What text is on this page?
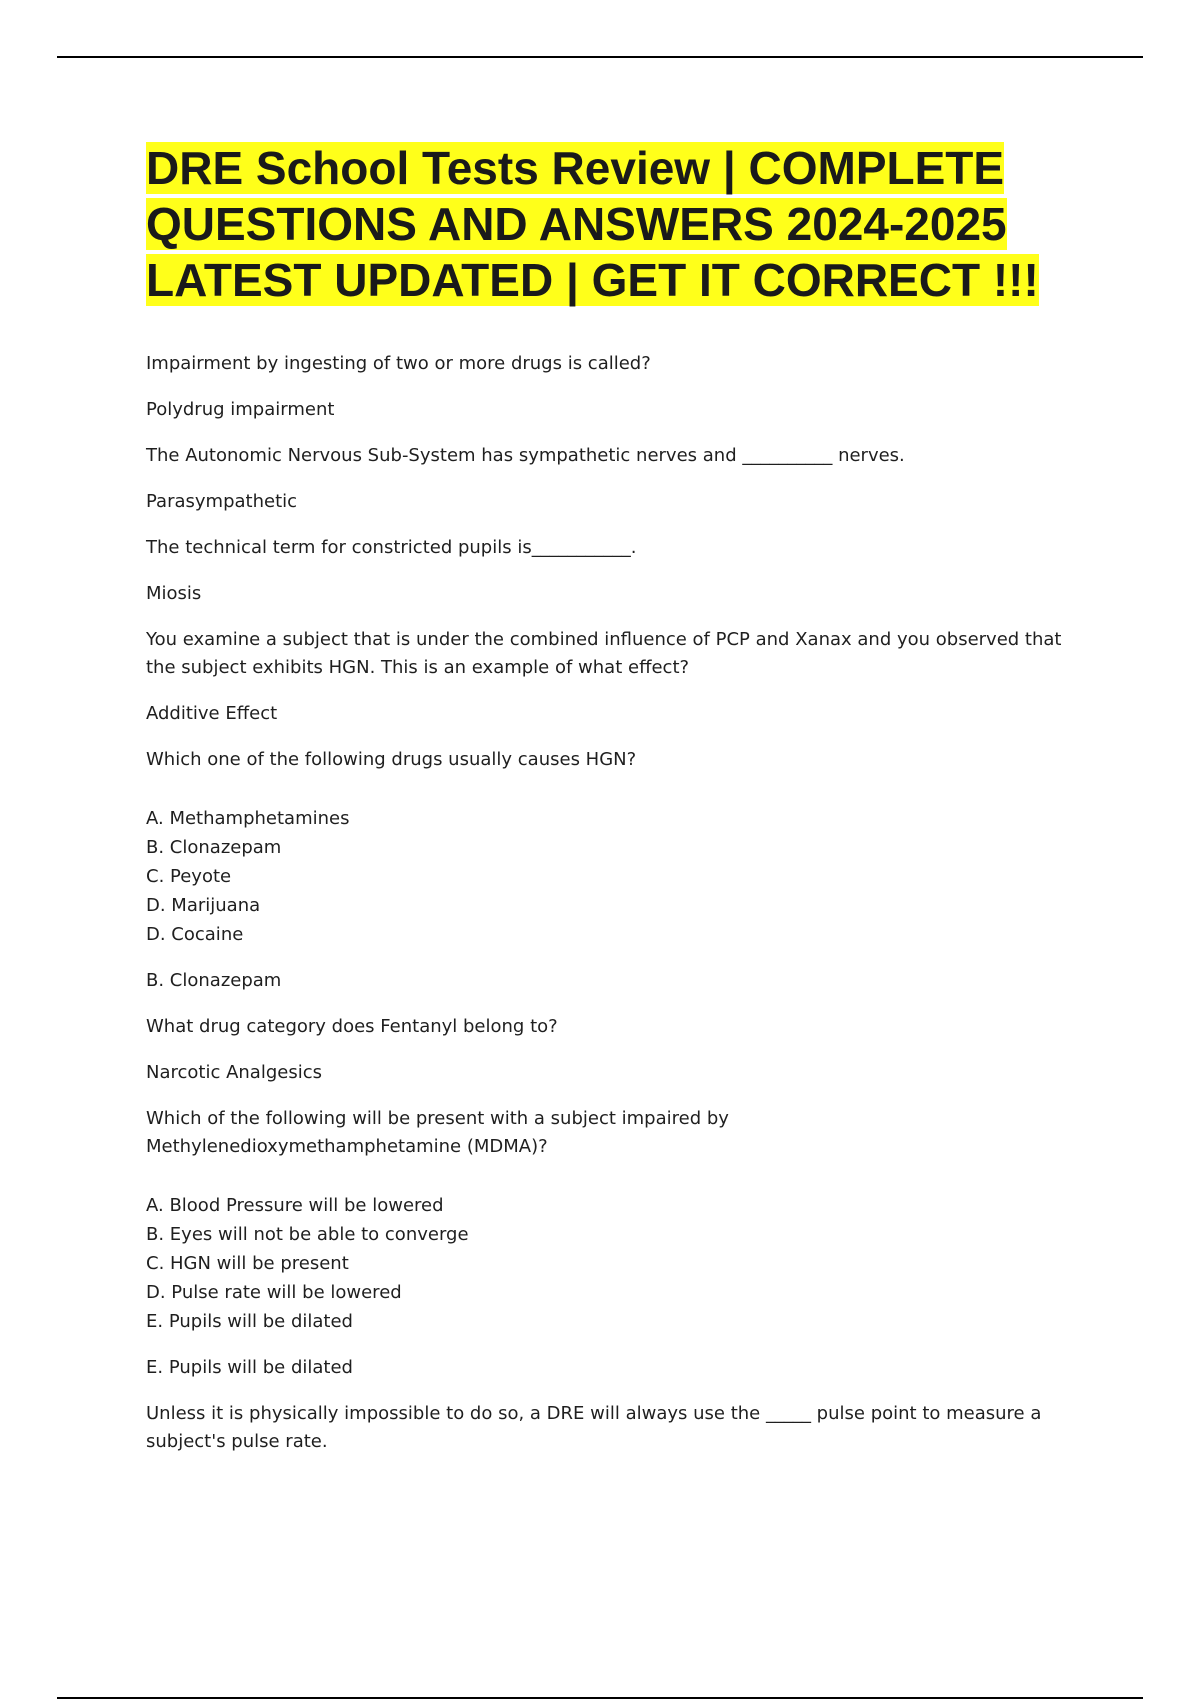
DRE School Tests Review | COMPLETE QUESTIONS AND ANSWERS 2024-2025 LATEST UPDATED | GET IT CORRECT !!!

Impairment by ingesting of two or more drugs is called?

Polydrug impairment

The Autonomic Nervous Sub-System has sympathetic nerves and __________ nerves.

Parasympathetic

The technical term for constricted pupils is___________.

Miosis

You examine a subject that is under the combined influence of PCP and Xanax and you observed that the subject exhibits HGN. This is an example of what effect?

Additive Effect

Which one of the following drugs usually causes HGN?

A. Methamphetamines

B. Clonazepam

C. Peyote

D. Marijuana

D. Cocaine

B. Clonazepam

What drug category does Fentanyl belong to?

Narcotic Analgesics

Which of the following will be present with a subject impaired by Methylenedioxymethamphetamine (MDMA)?

A. Blood Pressure will be lowered

B. Eyes will not be able to converge

C. HGN will be present

D. Pulse rate will be lowered

E. Pupils will be dilated

E. Pupils will be dilated

Unless it is physically impossible to do so, a DRE will always use the _____ pulse point to measure a subject's pulse rate.
